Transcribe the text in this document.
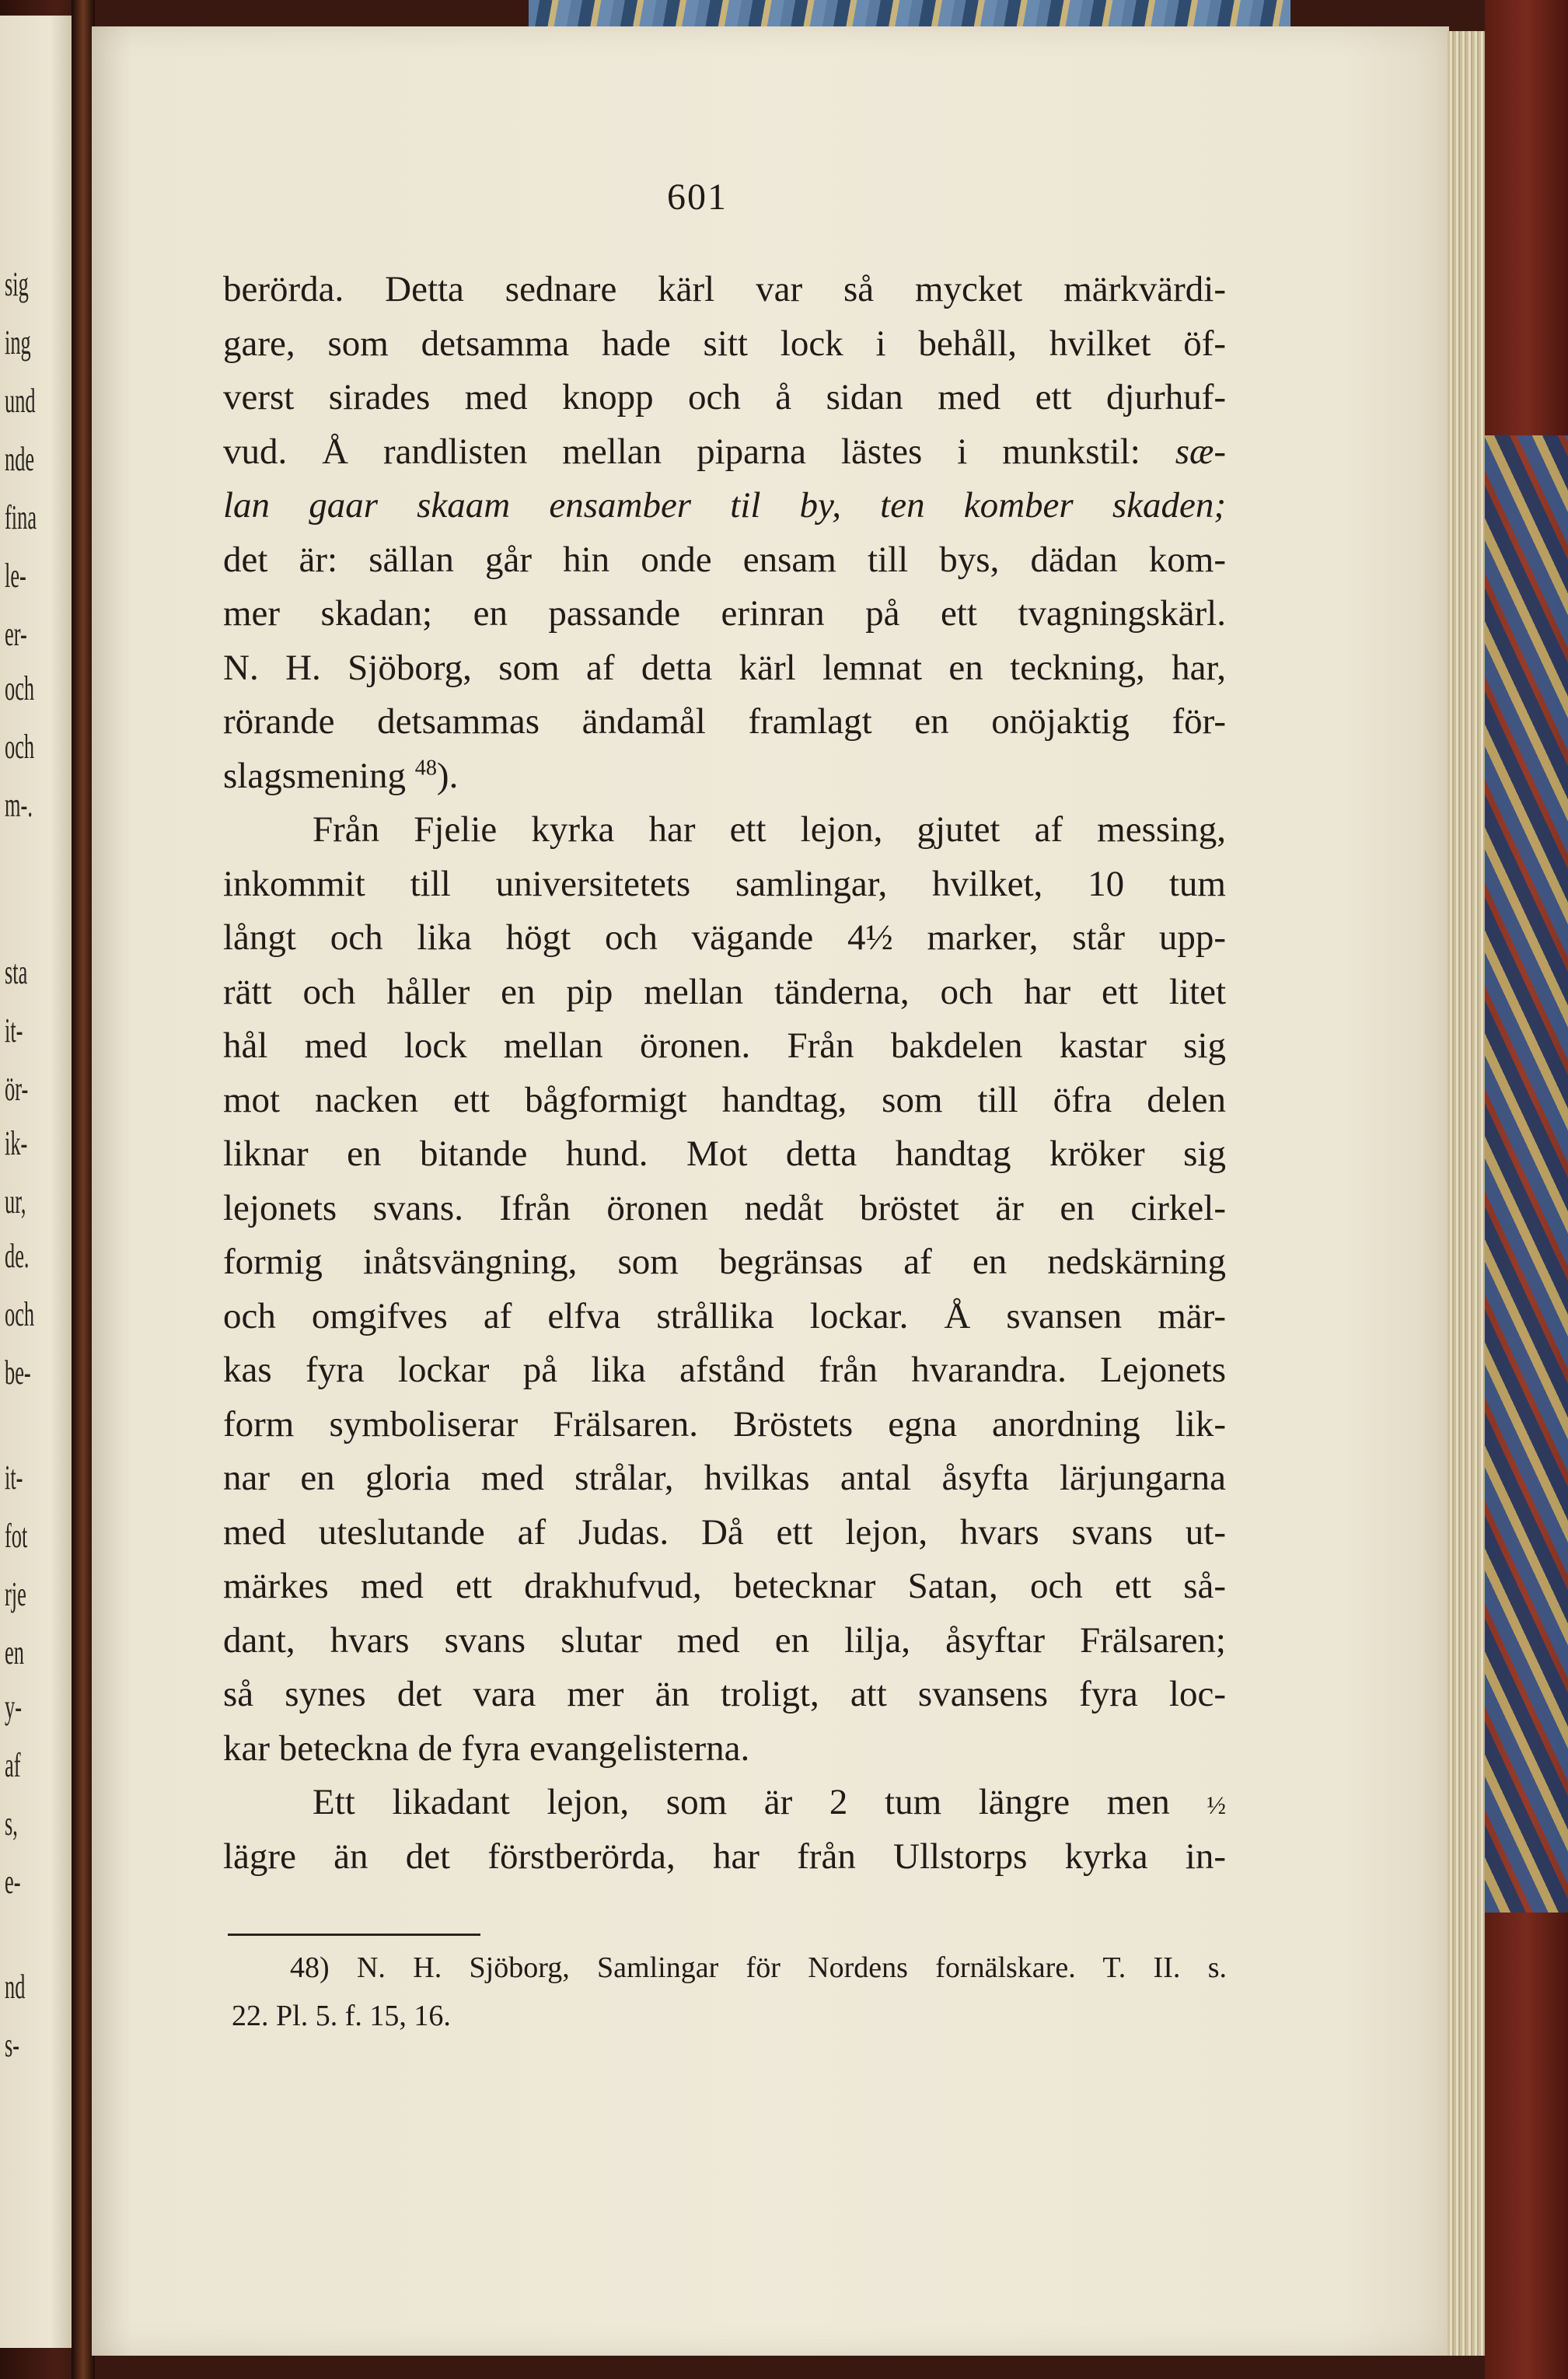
sig
ing
und
nde
fina
le-
er-
och
och
m-.
sta
it-
ör-
ik-
ur,
de.
och
be-
it-
fot
rje
en
y-
af
s,
e-
nd
s-
601
berörda. Detta sednare kärl var så mycket märkvärdi-
gare, som detsamma hade sitt lock i behåll, hvilket öf-
verst sirades med knopp och å sidan med ett djurhuf-
vud. Å randlisten mellan piparna lästes i munkstil: sæ-
lan gaar skaam ensamber til by, ten komber skaden;
det är: sällan går hin onde ensam till bys, dädan kom-
mer skadan; en passande erinran på ett tvagningskärl.
N. H. Sjöborg, som af detta kärl lemnat en teckning, har,
rörande detsammas ändamål framlagt en onöjaktig för-
slagsmening $^{48}$).
Från Fjelie kyrka har ett lejon, gjutet af messing,
inkommit till universitetets samlingar, hvilket, 10 tum
långt och lika högt och vägande 4½ marker, står upp-
rätt och håller en pip mellan tänderna, och har ett litet
hål med lock mellan öronen. Från bakdelen kastar sig
mot nacken ett bågformigt handtag, som till öfra delen
liknar en bitande hund. Mot detta handtag kröker sig
lejonets svans. Ifrån öronen nedåt bröstet är en cirkel-
formig inåtsvängning, som begränsas af en nedskärning
och omgifves af elfva strållika lockar. Å svansen mär-
kas fyra lockar på lika afstånd från hvarandra. Lejonets
form symboliserar Frälsaren. Bröstets egna anordning lik-
nar en gloria med strålar, hvilkas antal åsyfta lärjungarna
med uteslutande af Judas. Då ett lejon, hvars svans ut-
märkes med ett drakhufvud, betecknar Satan, och ett så-
dant, hvars svans slutar med en lilja, åsyftar Frälsaren;
så synes det vara mer än troligt, att svansens fyra loc-
kar beteckna de fyra evangelisterna.
Ett likadant lejon, som är 2 tum längre men ½
lägre än det förstberörda, har från Ullstorps kyrka in-
48) N. H. Sjöborg, Samlingar för Nordens fornälskare. T. II. s.
22. Pl. 5. f. 15, 16.
